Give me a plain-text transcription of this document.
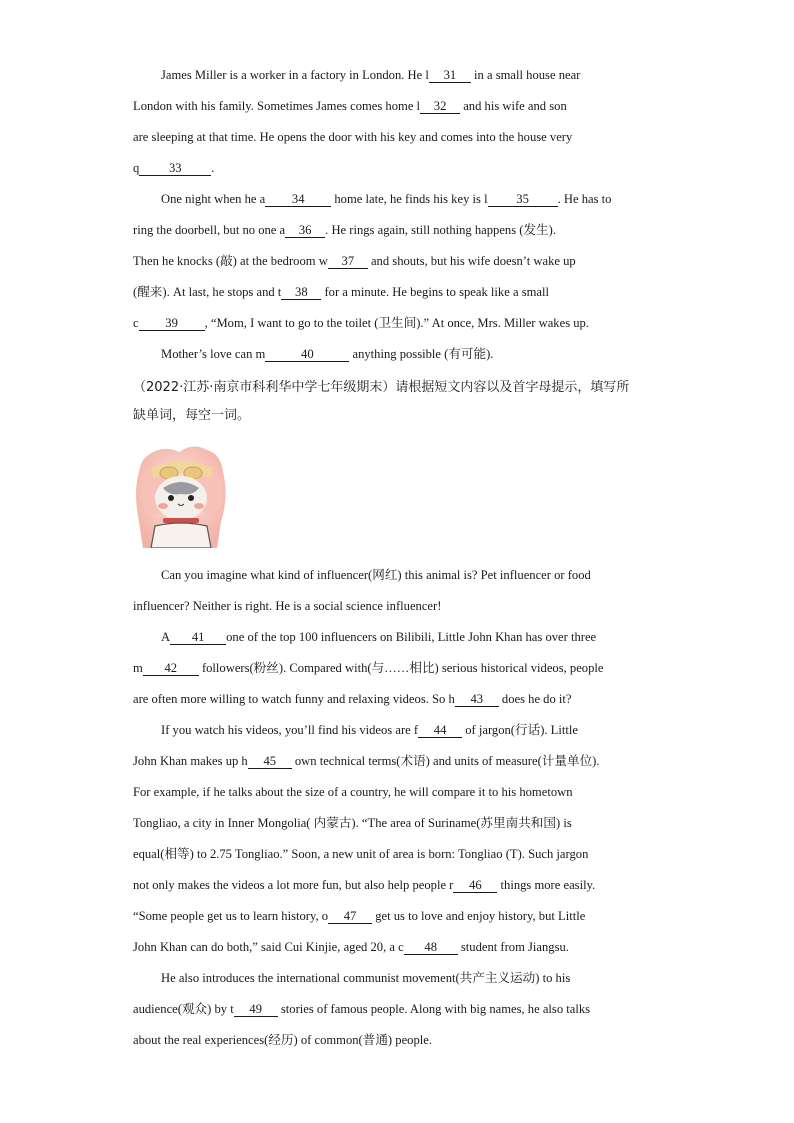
James Miller is a worker in a factory in London. He l 31 in a small house near
London with his family. Sometimes James comes home l 32 and his wife and son
are sleeping at that time. He opens the door with his key and comes into the house very
q 33 .
One night when he a 34 home late, he finds his key is l 35 . He has to
ring the doorbell, but no one a 36 . He rings again, still nothing happens (发生).
Then he knocks (敲) at the bedroom w 37 and shouts, but his wife doesn’t wake up
(醒来). At last, he stops and t 38 for a minute. He begins to speak like a small
c 39 , “Mom, I want to go to the toilet (卫生间).” At once, Mrs. Miller wakes up.
Mother’s love can m	40	anything possible (有可能).
（2022·江苏·南京市科利华中学七年级期末）请根据短文内容以及首字母提示，填写所
缺单词，每空一词。
Can you imagine what kind of influencer(网红) this animal is? Pet influencer or food
influencer? Neither is right. He is a social science influencer!
A 41 one of the top 100 influencers on Bilibili, Little John Khan has over three
m 42 followers(粉丝). Compared with(与……相比) serious historical videos, people
are often more willing to watch funny and relaxing videos. So h 43 does he do it?
If you watch his videos, you’ll find his videos are f 44 of jargon(行话). Little
John Khan makes up h 45 own technical terms(术语) and units of measure(计量单位).
For example, if he talks about the size of a country, he will compare it to his hometown
Tongliao, a city in Inner Mongolia( 内蒙古). “The area of Suriname(苏里南共和国) is
equal(相等) to 2.75 Tongliao.” Soon, a new unit of area is born: Tongliao (T). Such jargon
not only makes the videos a lot more fun, but also help people r 46 things more easily.
“Some people get us to learn history, o 47 get us to love and enjoy history, but Little
John Khan can do both,” said Cui Kinjie, aged 20, a c 48 student from Jiangsu.
He also introduces the international communist movement(共产主义运动) to his
audience(观众) by t 49 stories of famous people. Along with big names, he also talks
about the real experiences(经历) of common(普通) people.
